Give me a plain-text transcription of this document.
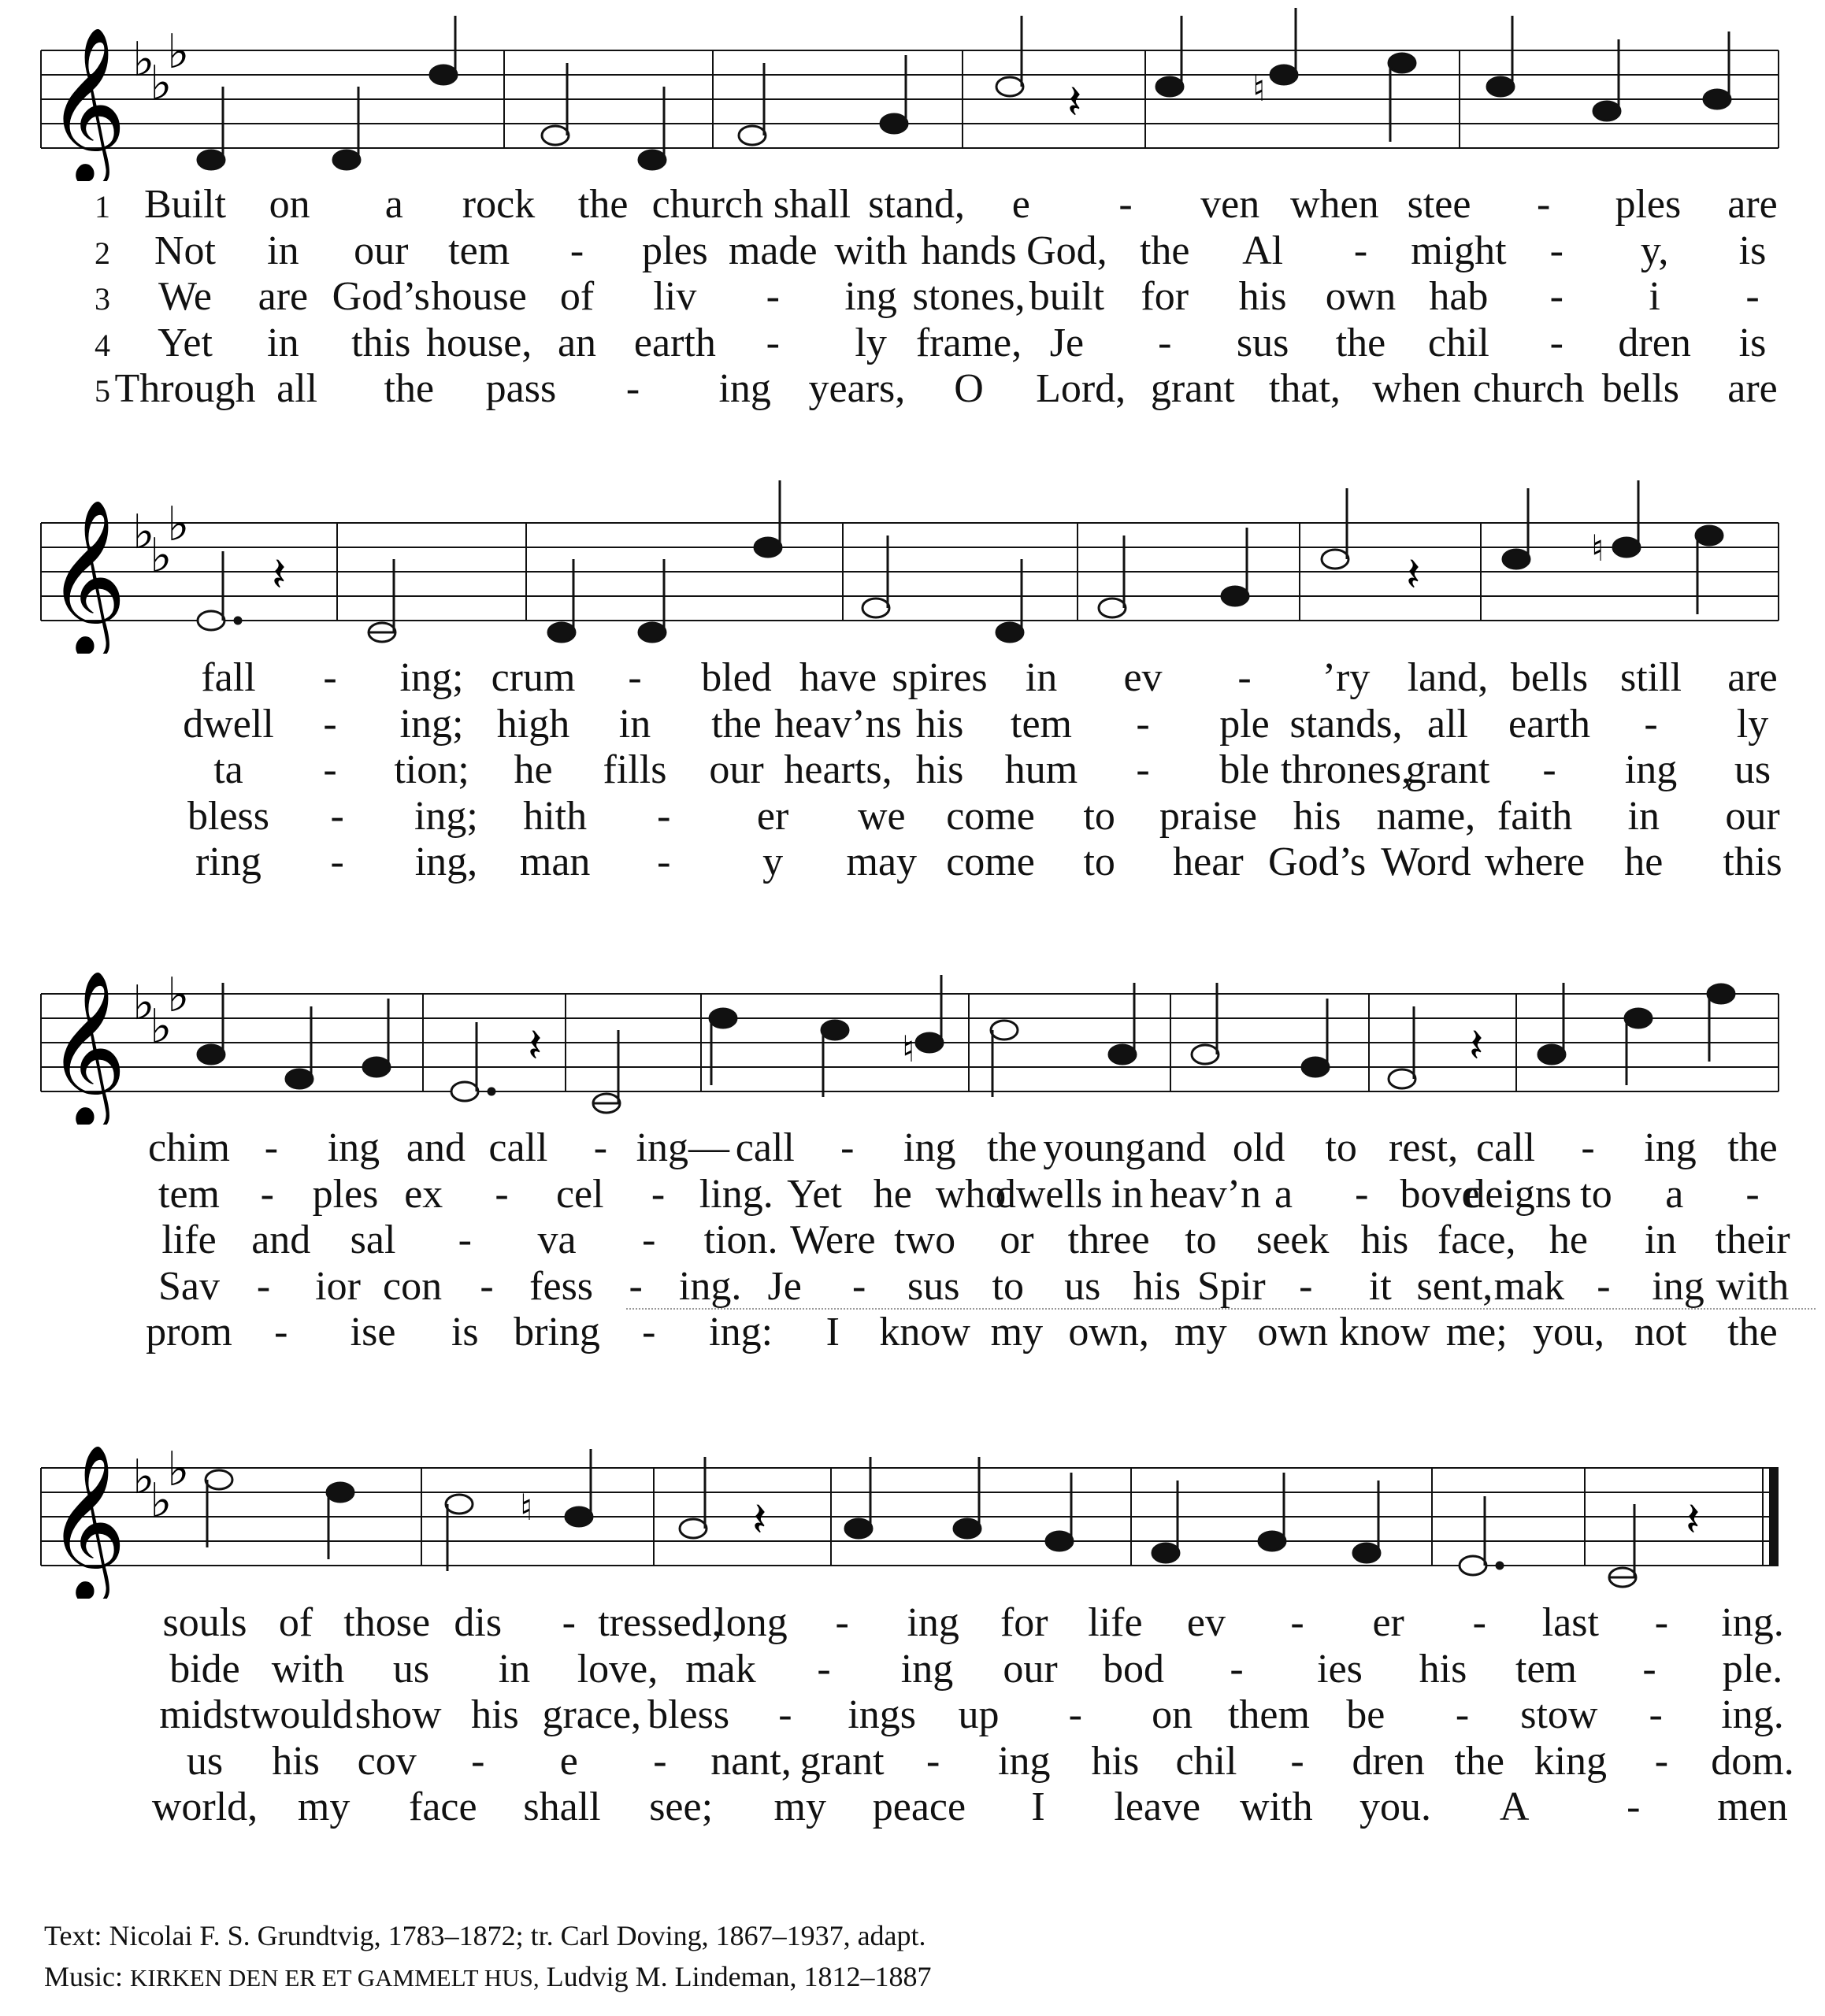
𝄞 ♭
♭
♭
𝄽	♮
𝄞 ♭
♭
♭
𝄽	𝄽	♮
𝄞 ♭
♭
♭
𝄽	𝄽
♮
𝄞 ♭
♭
♭
𝄽	𝄽
♮
1 Built on a rock the church shall stand, e - ven when stee - ples are
2 Not in our tem - ples made with hands God, the Al - might - y, is
3 We are God’s house of liv - ing stones, built for his own hab - i -
4 Yet in this house, an earth - ly frame, Je - sus the chil - dren is
5 Through all the pass - ing years, O Lord, grant that, when church bells are
fall - ing; crum - bled have spires in ev - ’ry land, bells still are
dwell - ing; high in the heav’ns his tem - ple stands, all earth - ly
ta - tion; he fills our hearts, his hum - ble thrones,
grant - ing us
bless - ing; hith - er we come to praise his name, faith in our
ring - ing, man - y may come to hear God’s Word where he this
chim - ing and call - ing— call - ing the young and old to rest, call - ing the
tem - ples ex - cel - ling. Yet he who
dwells in heav’n a - bove
deigns to a -
life and sal - va - tion. Were two or three to seek his face, he in their
Sav - ior con - fess - ing. Je - sus to us his Spir - it sent, mak - ing with
prom - ise is bring - ing: I know my own, my own know me; you, not the
souls of those dis - tressed,
long - ing for life ev - er - last - ing.
bide with us in love, mak - ing our bod - ies his tem - ple.
midst would show his grace, bless - ings up - on them be - stow - ing.
us his cov - e - nant, grant - ing his chil - dren the king - dom.
world, my face shall see; my peace I leave with you. A - men
Text: Nicolai F. S. Grundtvig, 1783–1872; tr. Carl Doving, 1867–1937, adapt.
Music: KIRKEN DEN ER ET GAMMELT HUS, Ludvig M. Lindeman, 1812–1887
